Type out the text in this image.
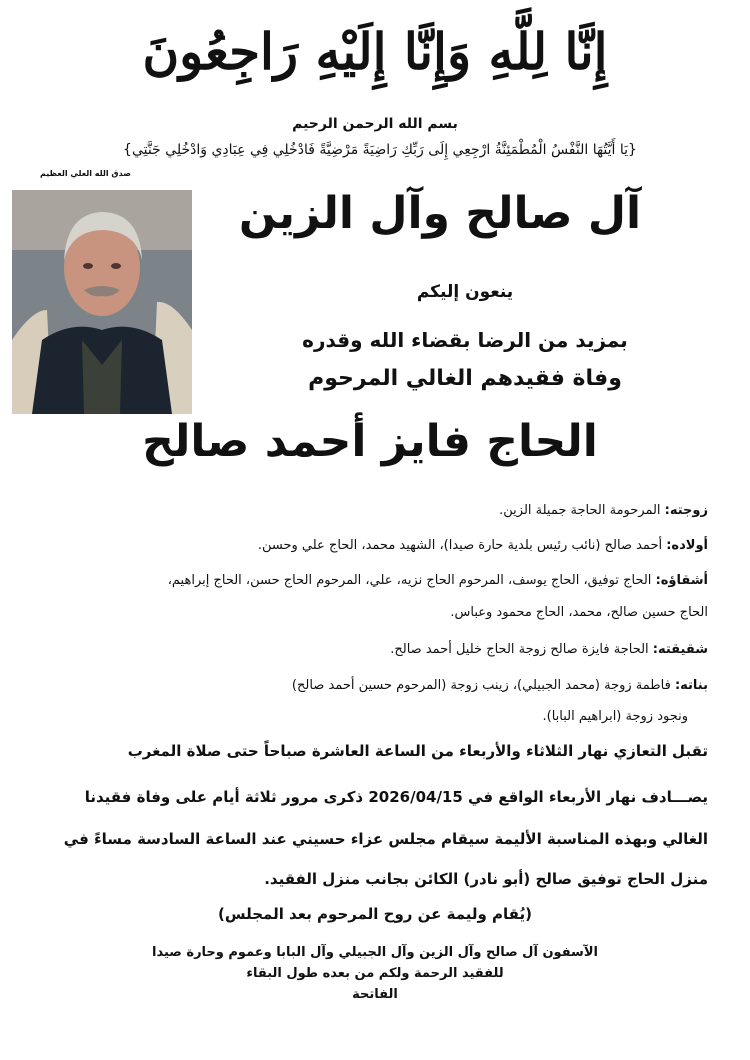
إِنَّا لِلَّهِ وَإِنَّا إِلَيْهِ رَاجِعُونَ
بسم الله الرحمن الرحيم
{يَا أَيَّتُهَا النَّفْسُ الْمُطْمَئِنَّةُ ارْجِعِي إِلَى رَبِّكِ رَاضِيَةً مَرْضِيَّةً فَادْخُلِي فِي عِبَادِي وَادْخُلِي جَنَّتِي}
صدق الله العلي العظيم
آل صالح وآل الزين
ينعون إليكم
بمزيد من الرضا بقضاء الله وقدره
وفاة فقيدهم الغالي المرحوم
الحاج فايز أحمد صالح
زوجته: المرحومة الحاجة جميلة الزين.
أولاده: أحمد صالح (نائب رئيس بلدية حارة صيدا)، الشهيد محمد، الحاج علي وحسن.
أشقاؤه: الحاج توفيق، الحاج يوسف، المرحوم الحاج نزيه، علي، المرحوم الحاج حسن، الحاج إبراهيم،
الحاج حسين صالح، محمد، الحاج محمود وعباس.
شقيقته: الحاجة فايزة صالح زوجة الحاج خليل أحمد صالح.
بناته: فاطمة زوجة (محمد الجبيلي)، زينب زوجة (المرحوم حسين أحمد صالح)
ونجود زوجة (ابراهيم البابا).
تقبل التعازي نهار الثلاثاء والأربعاء من الساعة العاشرة صباحاً حتى صلاة المغرب
يصـــادف نهار الأربعاء الواقع في 2026/04/15 ذكرى مرور ثلاثة أيام على وفاة فقيدنا
الغالي وبهذه المناسبة الأليمة سيقام مجلس عزاء حسيني عند الساعة السادسة مساءً في
منزل الحاج توفيق صالح (أبو نادر) الكائن بجانب منزل الفقيد.
(يُقام وليمة عن روح المرحوم بعد المجلس)
الآسفون آل صالح وآل الزين وآل الجبيلي وآل البابا وعموم وحارة صيدا
للفقيد الرحمة ولكم من بعده طول البقاء
الفاتحة
